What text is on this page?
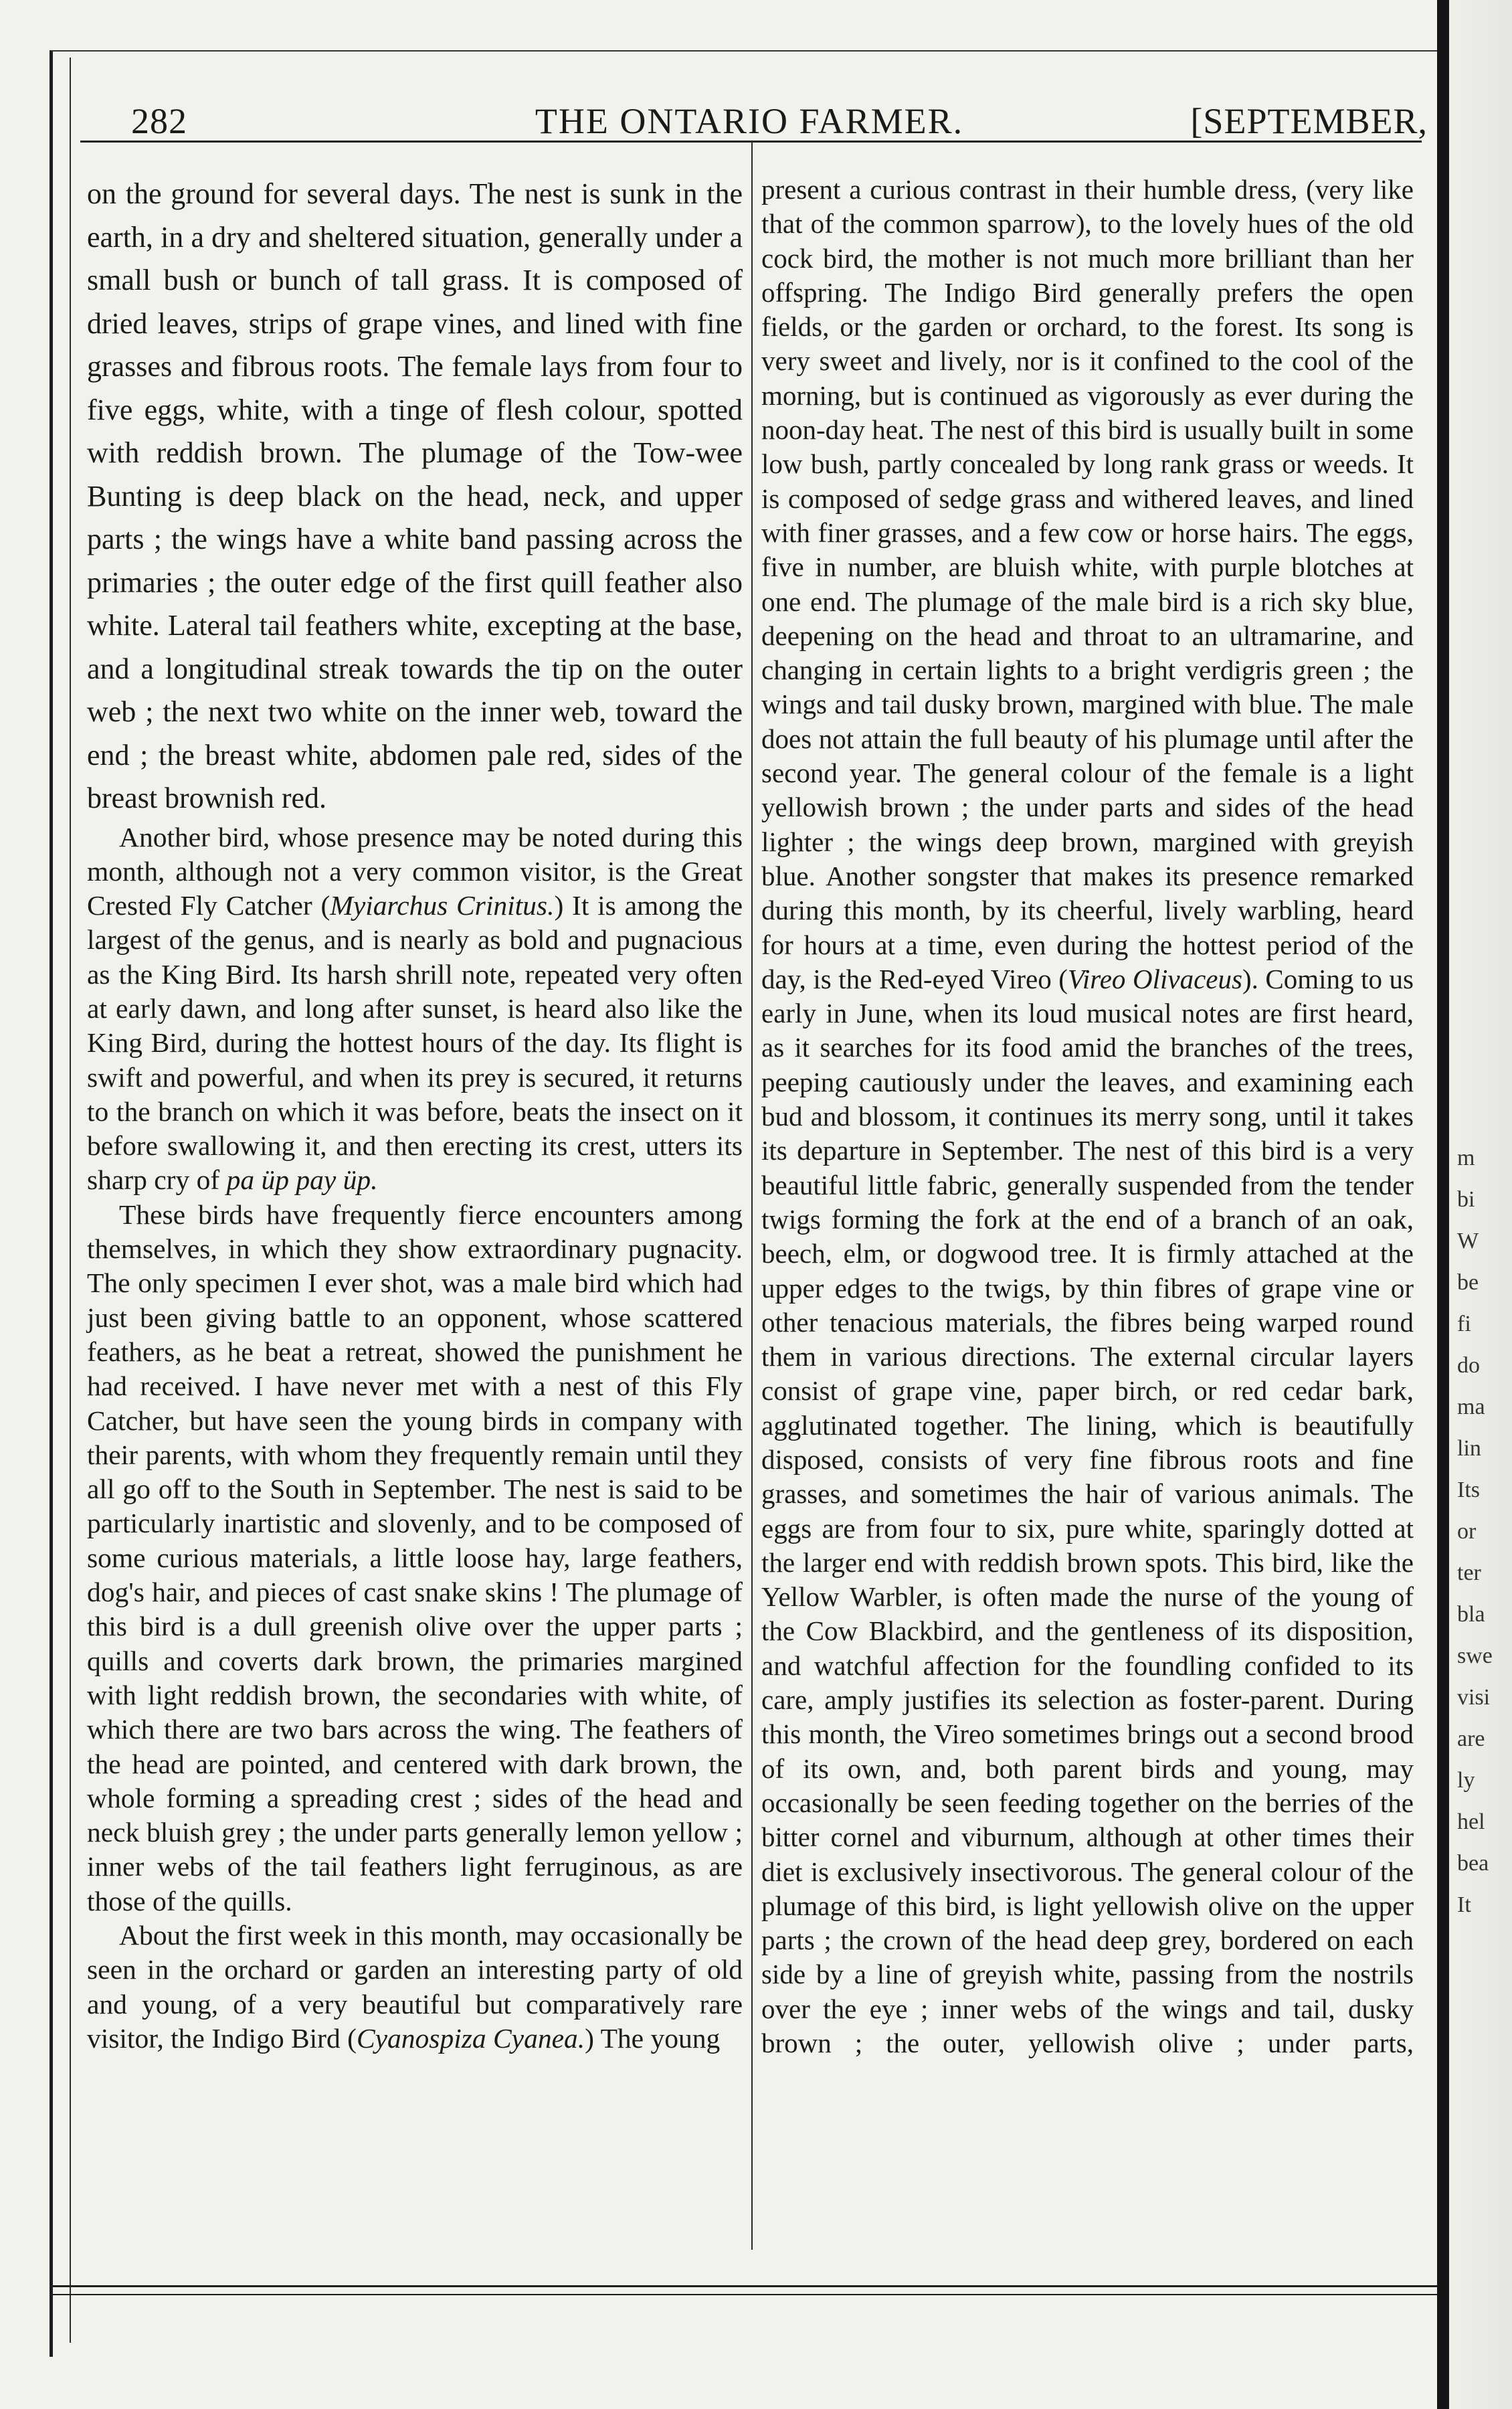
282	THE ONTARIO FARMER.	[SEPTEMBER,

on the ground for several days. The nest is sunk in the earth, in a dry and sheltered situation, generally under a small bush or bunch of tall grass. It is composed of dried leaves, strips of grape vines, and lined with fine grasses and fibrous roots. The female lays from four to five eggs, white, with a tinge of flesh colour, spotted with reddish brown. The plumage of the Tow-wee Bunting is deep black on the head, neck, and upper parts ; the wings have a white band passing across the primaries ; the outer edge of the first quill feather also white. Lateral tail feathers white, excepting at the base, and a longitudinal streak towards the tip on the outer web ; the next two white on the inner web, toward the end ; the breast white, abdomen pale red, sides of the breast brownish red.

Another bird, whose presence may be noted during this month, although not a very common visitor, is the Great Crested Fly Catcher (Myiarchus Crinitus.) It is among the largest of the genus, and is nearly as bold and pugnacious as the King Bird. Its harsh shrill note, repeated very often at early dawn, and long after sunset, is heard also like the King Bird, during the hottest hours of the day. Its flight is swift and powerful, and when its prey is secured, it returns to the branch on which it was before, beats the insect on it before swallowing it, and then erecting its crest, utters its sharp cry of pa üp pay üp.

These birds have frequently fierce encounters among themselves, in which they show extraordinary pugnacity. The only specimen I ever shot, was a male bird which had just been giving battle to an opponent, whose scattered feathers, as he beat a retreat, showed the punishment he had received. I have never met with a nest of this Fly Catcher, but have seen the young birds in company with their parents, with whom they frequently remain until they all go off to the South in September. The nest is said to be particularly inartistic and slovenly, and to be composed of some curious materials, a little loose hay, large feathers, dog's hair, and pieces of cast snake skins ! The plumage of this bird is a dull greenish olive over the upper parts ; quills and coverts dark brown, the primaries margined with light reddish brown, the secondaries with white, of which there are two bars across the wing. The feathers of the head are pointed, and centered with dark brown, the whole forming a spreading crest ; sides of the head and neck bluish grey ; the under parts generally lemon yellow ; inner webs of the tail feathers light ferruginous, as are those of the quills.

About the first week in this month, may occasionally be seen in the orchard or garden an interesting party of old and young, of a very beautiful but comparatively rare visitor, the Indigo Bird (Cyanospiza Cyanea.) The young

present a curious contrast in their humble dress, (very like that of the common sparrow), to the lovely hues of the old cock bird, the mother is not much more brilliant than her offspring. The Indigo Bird generally prefers the open fields, or the garden or orchard, to the forest. Its song is very sweet and lively, nor is it confined to the cool of the morning, but is continued as vigorously as ever during the noon-day heat. The nest of this bird is usually built in some low bush, partly concealed by long rank grass or weeds. It is composed of sedge grass and withered leaves, and lined with finer grasses, and a few cow or horse hairs. The eggs, five in number, are bluish white, with purple blotches at one end. The plumage of the male bird is a rich sky blue, deepening on the head and throat to an ultramarine, and changing in certain lights to a bright verdigris green ; the wings and tail dusky brown, margined with blue. The male does not attain the full beauty of his plumage until after the second year. The general colour of the female is a light yellowish brown ; the under parts and sides of the head lighter ; the wings deep brown, margined with greyish blue. Another songster that makes its presence remarked during this month, by its cheerful, lively warbling, heard for hours at a time, even during the hottest period of the day, is the Red-eyed Vireo (Vireo Olivaceus). Coming to us early in June, when its loud musical notes are first heard, as it searches for its food amid the branches of the trees, peeping cautiously under the leaves, and examining each bud and blossom, it continues its merry song, until it takes its departure in September. The nest of this bird is a very beautiful little fabric, generally suspended from the tender twigs forming the fork at the end of a branch of an oak, beech, elm, or dogwood tree. It is firmly attached at the upper edges to the twigs, by thin fibres of grape vine or other tenacious materials, the fibres being warped round them in various directions. The external circular layers consist of grape vine, paper birch, or red cedar bark, agglutinated together. The lining, which is beautifully disposed, consists of very fine fibrous roots and fine grasses, and sometimes the hair of various animals. The eggs are from four to six, pure white, sparingly dotted at the larger end with reddish brown spots. This bird, like the Yellow Warbler, is often made the nurse of the young of the Cow Blackbird, and the gentleness of its disposition, and watchful affection for the foundling confided to its care, amply justifies its selection as foster-parent. During this month, the Vireo sometimes brings out a second brood of its own, and, both parent birds and young, may occasionally be seen feeding together on the berries of the bitter cornel and viburnum, although at other times their diet is exclusively insectivorous. The general colour of the plumage of this bird, is light yellowish olive on the upper parts ; the crown of the head deep grey, bordered on each side by a line of greyish white, passing from the nostrils over the eye ; inner webs of the wings and tail, dusky brown ; the outer, yellowish olive ; under parts,

m
bi
W
be
fi
do
ma
lin
Its
or
ter
bla
swe
visi
are
ly
hel
bea
It
